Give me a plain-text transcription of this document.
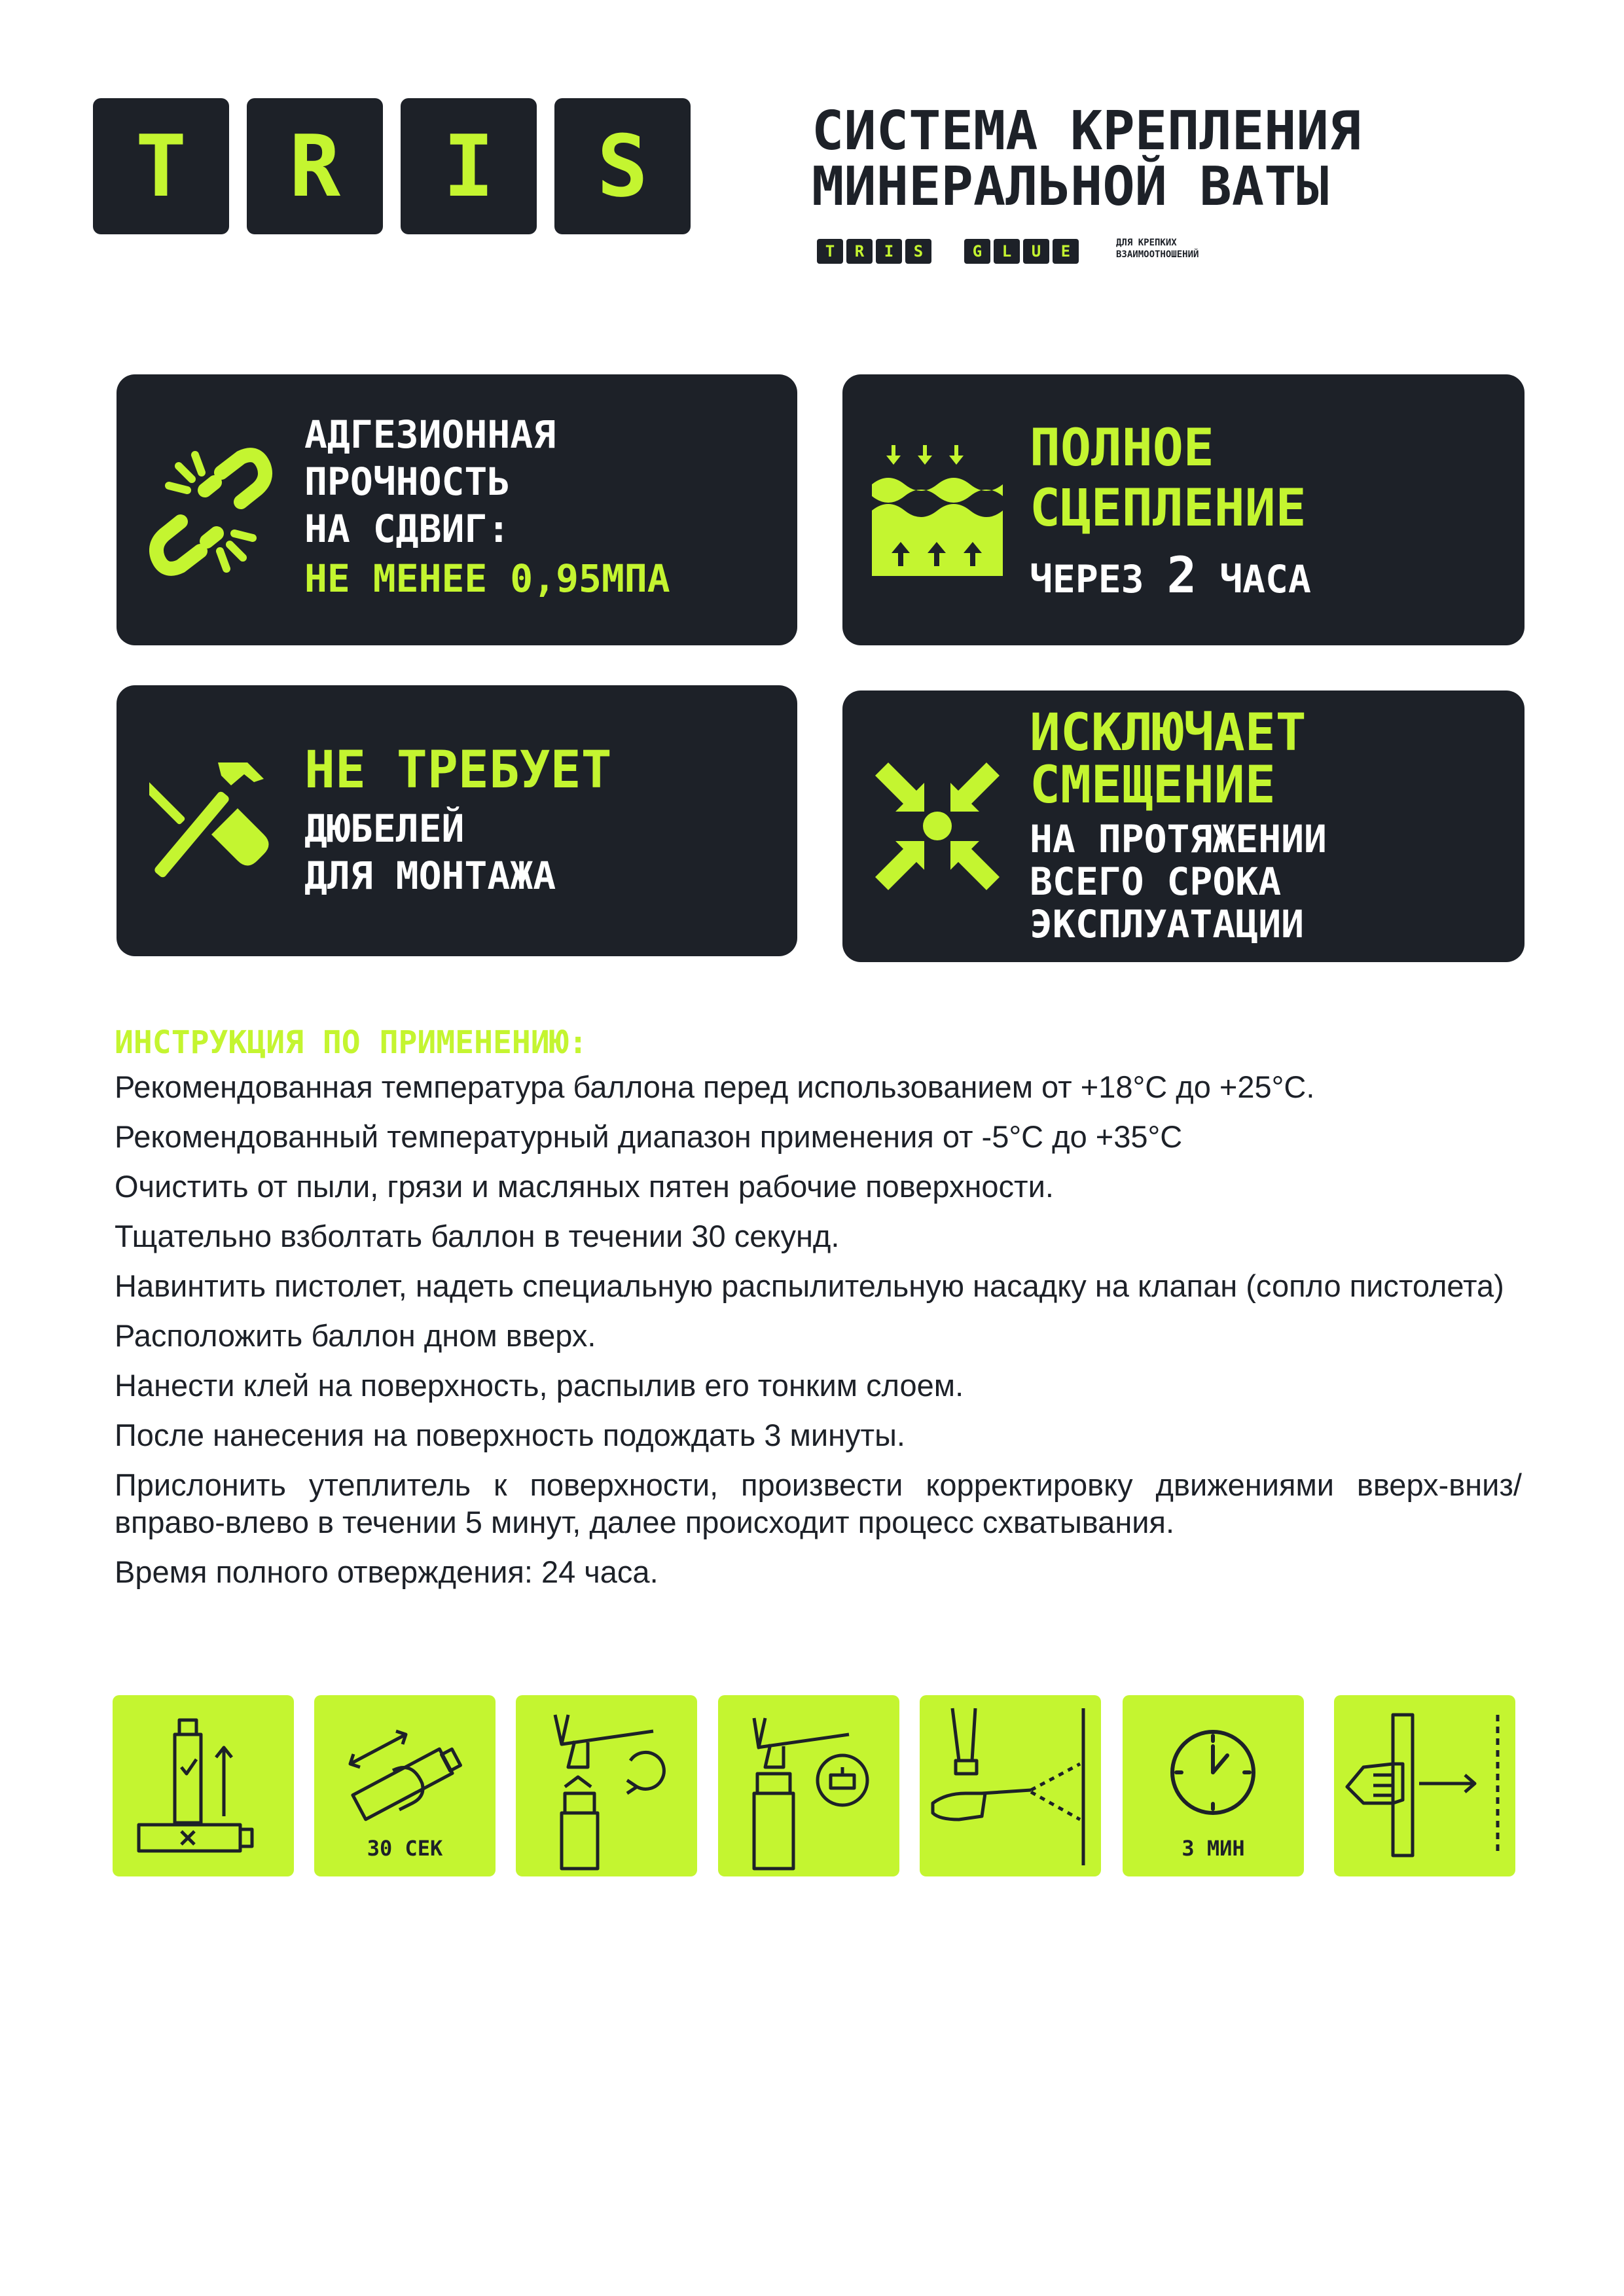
T R I S	СИСТЕМА КРЕПЛЕНИЯ
МИНЕРАЛЬНОЙ ВАТЫ
T R I S	G L U E	ДЛЯ КРЕПКИХ
ВЗАИМООТНОШЕНИЙ
АДГЕЗИОННАЯ
ПРОЧНОСТЬ
НА СДВИГ:
НЕ МЕНЕЕ 0,95МПА
ПОЛНОЕ
СЦЕПЛЕНИЕ
ЧЕРЕЗ 2 ЧАСА
НЕ ТРЕБУЕТ
ДЮБЕЛЕЙ
ДЛЯ МОНТАЖА
ИСКЛЮЧАЕТ
СМЕЩЕНИЕ
НА ПРОТЯЖЕНИИ
ВСЕГО СРОКА
ЭКСПЛУАТАЦИИ
ИНСТРУКЦИЯ ПО ПРИМЕНЕНИЮ:

Рекомендованная температура баллона перед использованием от +18°С до +25°С.

Рекомендованный температурный диапазон применения от -5°С до +35°С

Очистить от пыли, грязи и масляных пятен рабочие поверхности.

Тщательно взболтать баллон в течении 30 секунд.

Навинтить пистолет, надеть специальную распылительную насадку на клапан (сопло пистолета)

Расположить баллон дном вверх.

Нанести клей на поверхность, распылив его тонким слоем.

После нанесения на поверхность подождать 3 минуты.

Прислонить утеплитель к поверхности, произвести корректировку движениями вверх-вниз/вправо-влево в течении 5 минут, далее происходит процесс схватывания.

Время полного отверждения: 24 часа.

30 СЕК	3 МИН
